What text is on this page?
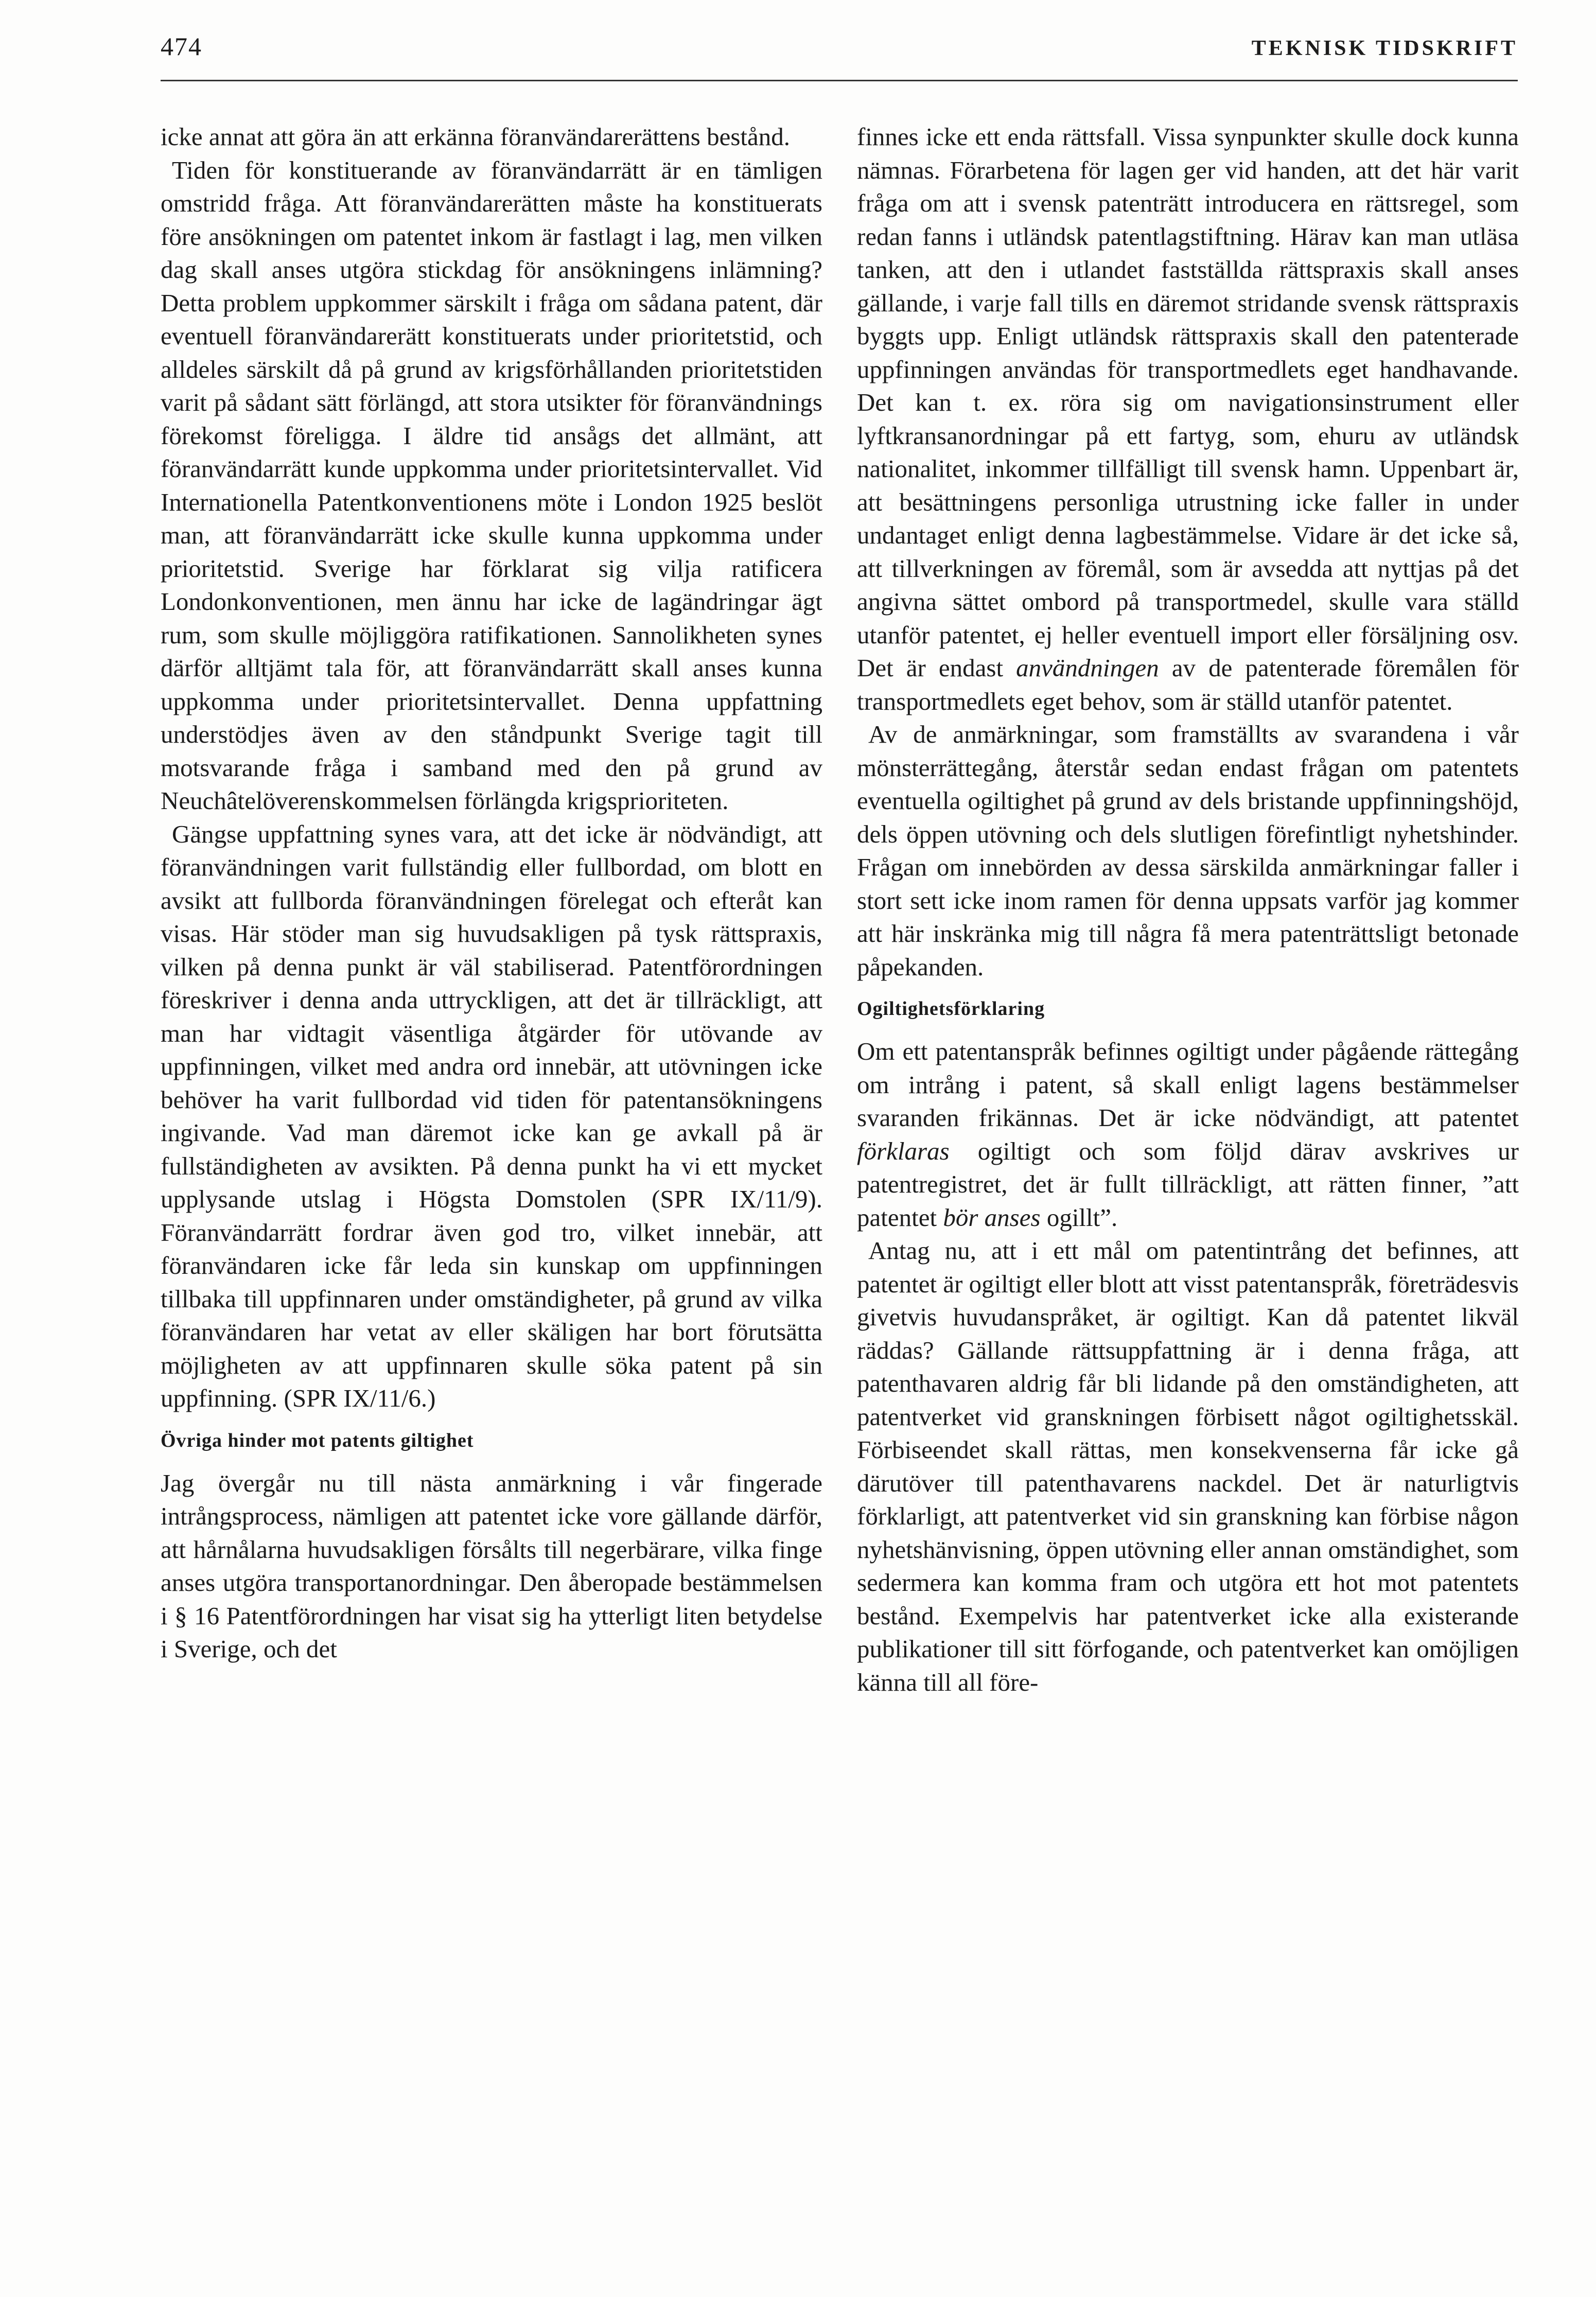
474	TEKNISK TIDSKRIFT

icke annat att göra än att erkänna föranvändarerättens bestånd.

Tiden för konstituerande av föranvändarrätt är en tämligen omstridd fråga. Att föranvändarerätten måste ha konstituerats före ansökningen om patentet inkom är fastlagt i lag, men vilken dag skall anses utgöra stickdag för ansökningens inlämning? Detta problem uppkommer särskilt i fråga om sådana patent, där eventuell föranvändarerätt konstituerats under prioritetstid, och alldeles särskilt då på grund av krigsförhållanden prioritetstiden varit på sådant sätt förlängd, att stora utsikter för föranvändnings förekomst föreligga. I äldre tid ansågs det allmänt, att föranvändarrätt kunde uppkomma under prioritetsintervallet. Vid Internationella Patentkonventionens möte i London 1925 beslöt man, att föranvändarrätt icke skulle kunna uppkomma under prioritetstid. Sverige har förklarat sig vilja ratificera Londonkonventionen, men ännu har icke de lagändringar ägt rum, som skulle möjliggöra ratifikationen. Sannolikheten synes därför alltjämt tala för, att föranvändarrätt skall anses kunna uppkomma under prioritetsintervallet. Denna uppfattning understödjes även av den ståndpunkt Sverige tagit till motsvarande fråga i samband med den på grund av Neuchâtelöverenskommelsen förlängda krigsprioriteten.

Gängse uppfattning synes vara, att det icke är nödvändigt, att föranvändningen varit fullständig eller fullbordad, om blott en avsikt att fullborda föranvändningen förelegat och efteråt kan visas. Här stöder man sig huvudsakligen på tysk rättspraxis, vilken på denna punkt är väl stabiliserad. Patentförordningen föreskriver i denna anda uttryckligen, att det är tillräckligt, att man har vidtagit väsentliga åtgärder för utövande av uppfinningen, vilket med andra ord innebär, att utövningen icke behöver ha varit fullbordad vid tiden för patentansökningens ingivande. Vad man däremot icke kan ge avkall på är fullständigheten av avsikten. På denna punkt ha vi ett mycket upplysande utslag i Högsta Domstolen (SPR IX/11/9). Föranvändarrätt fordrar även god tro, vilket innebär, att föranvändaren icke får leda sin kunskap om uppfinningen tillbaka till uppfinnaren under omständigheter, på grund av vilka föranvändaren har vetat av eller skäligen har bort förutsätta möjligheten av att uppfinnaren skulle söka patent på sin uppfinning. (SPR IX/11/6.)

Övriga hinder mot patents giltighet

Jag övergår nu till nästa anmärkning i vår fingerade intrångsprocess, nämligen att patentet icke vore gällande därför, att hårnålarna huvudsakligen försålts till negerbärare, vilka finge anses utgöra transportanordningar. Den åberopade bestämmelsen i § 16 Patentförordningen har visat sig ha ytterligt liten betydelse i Sverige, och det

finnes icke ett enda rättsfall. Vissa synpunkter skulle dock kunna nämnas. Förarbetena för lagen ger vid handen, att det här varit fråga om att i svensk patenträtt introducera en rättsregel, som redan fanns i utländsk patentlagstiftning. Härav kan man utläsa tanken, att den i utlandet fastställda rättspraxis skall anses gällande, i varje fall tills en däremot stridande svensk rättspraxis byggts upp. Enligt utländsk rättspraxis skall den patenterade uppfinningen användas för transportmedlets eget handhavande. Det kan t. ex. röra sig om navigationsinstrument eller lyftkransanordningar på ett fartyg, som, ehuru av utländsk nationalitet, inkommer tillfälligt till svensk hamn. Uppenbart är, att besättningens personliga utrustning icke faller in under undantaget enligt denna lagbestämmelse. Vidare är det icke så, att tillverkningen av föremål, som är avsedda att nyttjas på det angivna sättet ombord på transportmedel, skulle vara ställd utanför patentet, ej heller eventuell import eller försäljning osv. Det är endast användningen av de patenterade föremålen för transportmedlets eget behov, som är ställd utanför patentet.

Av de anmärkningar, som framställts av svarandena i vår mönsterrättegång, återstår sedan endast frågan om patentets eventuella ogiltighet på grund av dels bristande uppfinningshöjd, dels öppen utövning och dels slutligen förefintligt nyhetshinder. Frågan om innebörden av dessa särskilda anmärkningar faller i stort sett icke inom ramen för denna uppsats varför jag kommer att här inskränka mig till några få mera patenträttsligt betonade påpekanden.

Ogiltighetsförklaring

Om ett patentanspråk befinnes ogiltigt under pågående rättegång om intrång i patent, så skall enligt lagens bestämmelser svaranden frikännas. Det är icke nödvändigt, att patentet förklaras ogiltigt och som följd därav avskrives ur patentregistret, det är fullt tillräckligt, att rätten finner, ”att patentet bör anses ogillt”.

Antag nu, att i ett mål om patentintrång det befinnes, att patentet är ogiltigt eller blott att visst patentanspråk, företrädesvis givetvis huvudanspråket, är ogiltigt. Kan då patentet likväl räddas? Gällande rättsuppfattning är i denna fråga, att patenthavaren aldrig får bli lidande på den omständigheten, att patentverket vid granskningen förbisett något ogiltighetsskäl. Förbiseendet skall rättas, men konsekvenserna får icke gå därutöver till patenthavarens nackdel. Det är naturligtvis förklarligt, att patentverket vid sin granskning kan förbise någon nyhetshänvisning, öppen utövning eller annan omständighet, som sedermera kan komma fram och utgöra ett hot mot patentets bestånd. Exempelvis har patentverket icke alla existerande publikationer till sitt förfogande, och patentverket kan omöjligen känna till all före-
